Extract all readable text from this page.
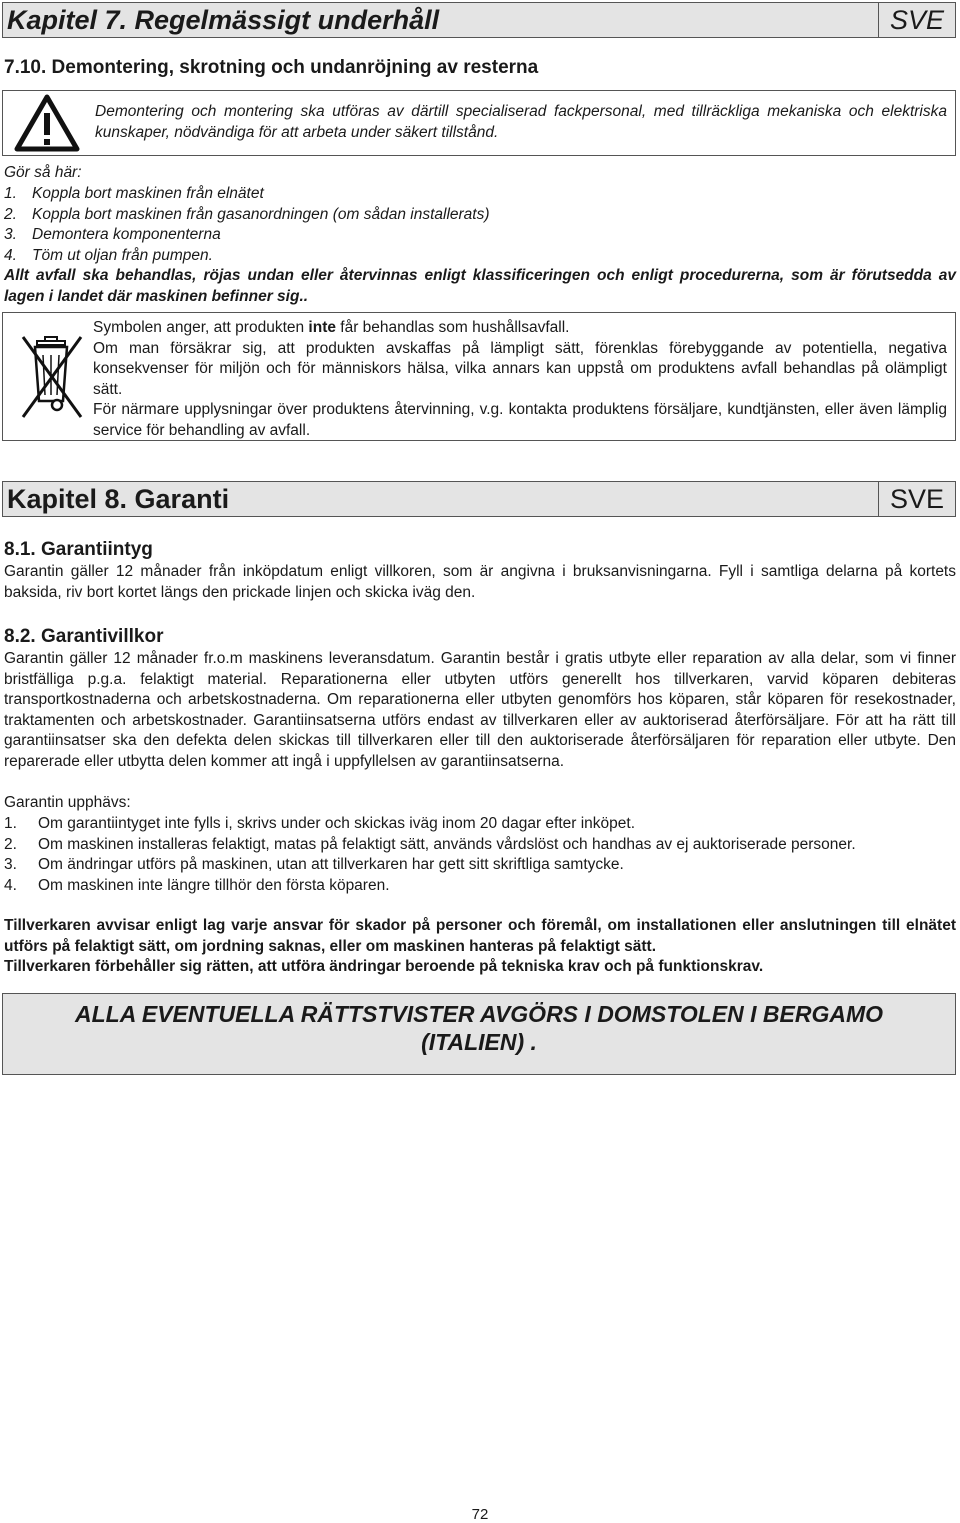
Kapitel 7. Regelmässigt underhåll	SVE
7.10. Demontering, skrotning och undanröjning av resterna
Demontering och montering ska utföras av därtill specialiserad fackpersonal, med tillräckliga mekaniska och elektriska kunskaper, nödvändiga för att arbeta under säkert tillstånd.
Gör så här:
1. Koppla bort maskinen från elnätet
2. Koppla bort maskinen från gasanordningen (om sådan installerats)
3. Demontera komponenterna
4. Töm ut oljan från pumpen.
Allt avfall ska behandlas, röjas undan eller återvinnas enligt klassificeringen och enligt procedurerna, som är förutsedda av lagen i landet där maskinen befinner sig..
Symbolen anger, att produkten inte får behandlas som hushållsavfall.
Om man försäkrar sig, att produkten avskaffas på lämpligt sätt, förenklas förebyggande av potentiella, negativa konsekvenser för miljön och för människors hälsa, vilka annars kan uppstå om produktens avfall behandlas på olämpligt sätt.
För närmare upplysningar över produktens återvinning, v.g. kontakta produktens försäljare, kundtjänsten, eller även lämplig service för behandling av avfall.
Kapitel 8. Garanti	SVE
8.1. Garantiintyg
Garantin gäller 12 månader från inköpdatum enligt villkoren, som är angivna i bruksanvisningarna. Fyll i samtliga delarna på kortets baksida, riv bort kortet längs den prickade linjen och skicka iväg den.
8.2. Garantivillkor
Garantin gäller 12 månader fr.o.m maskinens leveransdatum. Garantin består i gratis utbyte eller reparation av alla delar, som vi finner bristfälliga p.g.a. felaktigt material. Reparationerna eller utbyten utförs generellt hos tillverkaren, varvid köparen debiteras transportkostnaderna och arbetskostnaderna. Om reparationerna eller utbyten genomförs hos köparen, står köparen för resekostnader, traktamenten och arbetskostnader. Garantiinsatserna utförs endast av tillverkaren eller av auktoriserad återförsäljare. För att ha rätt till garantiinsatser ska den defekta delen skickas till tillverkaren eller till den auktoriserade återförsäljaren för reparation eller utbyte. Den reparerade eller utbytta delen kommer att ingå i uppfyllelsen av garantiinsatserna.
Garantin upphävs:
1. Om garantiintyget inte fylls i, skrivs under och skickas iväg inom 20 dagar efter inköpet.
2. Om maskinen installeras felaktigt, matas på felaktigt sätt, används vårdslöst och handhas av ej auktoriserade personer.
3. Om ändringar utförs på maskinen, utan att tillverkaren har gett sitt skriftliga samtycke.
4. Om maskinen inte längre tillhör den första köparen.
Tillverkaren avvisar enligt lag varje ansvar för skador på personer och föremål, om installationen eller anslutningen till elnätet utförs på felaktigt sätt, om jordning saknas, eller om maskinen hanteras på felaktigt sätt.
Tillverkaren förbehåller sig rätten, att utföra ändringar beroende på tekniska krav och på funktionskrav.
ALLA EVENTUELLA RÄTTSTVISTER AVGÖRS I DOMSTOLEN I BERGAMO (ITALIEN) .
72
